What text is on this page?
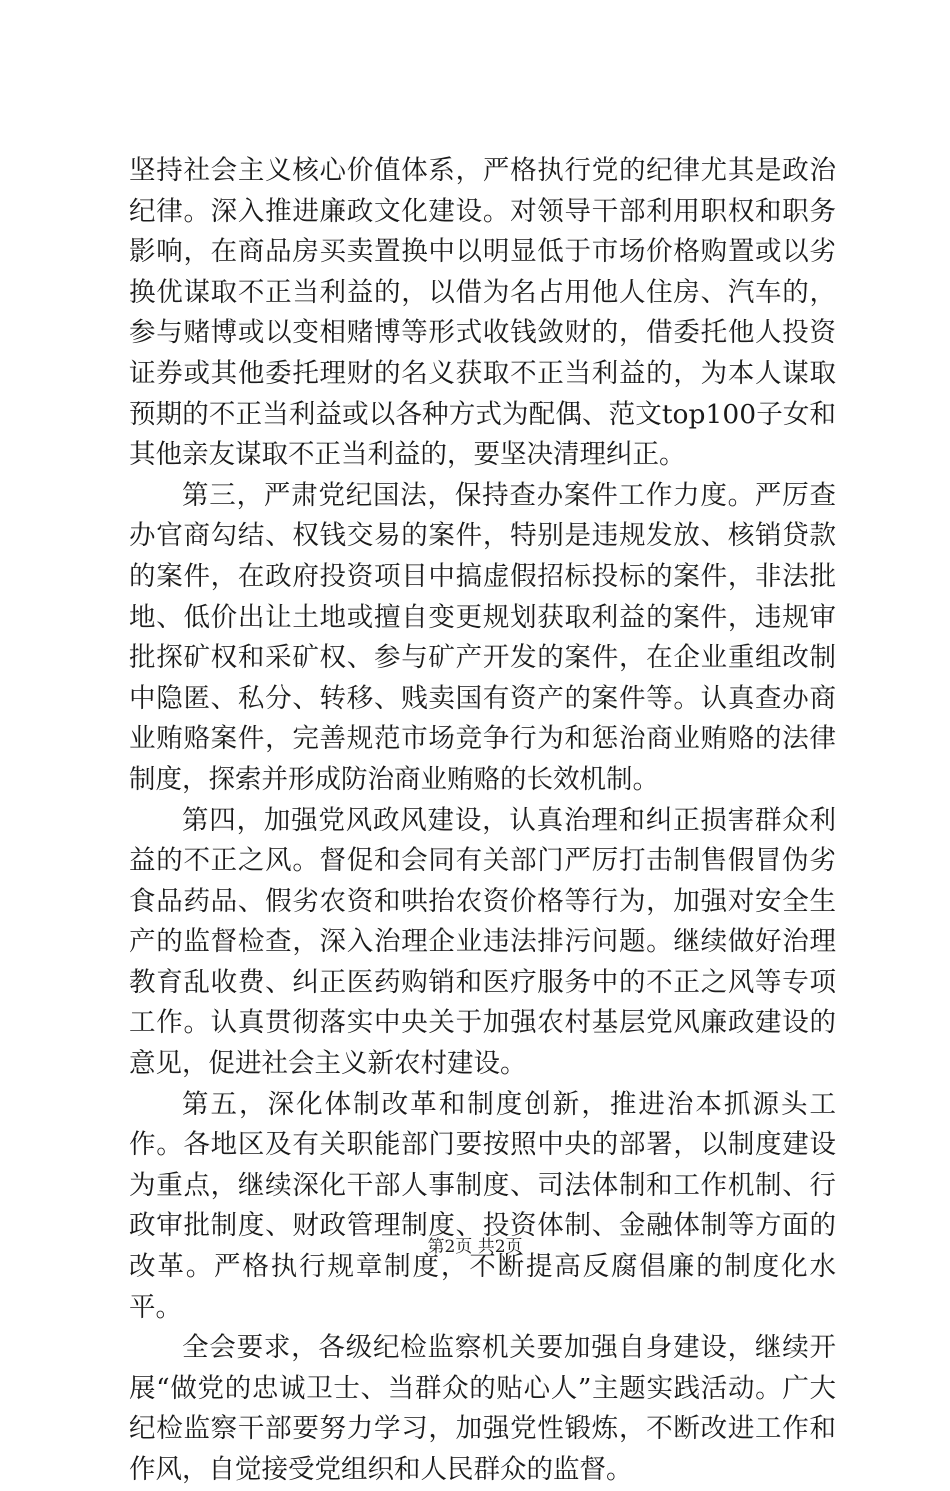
坚持社会主义核心价值体系，严格执行党的纪律尤其是政治纪律。深入推进廉政文化建设。对领导干部利用职权和职务影响，在商品房买卖置换中以明显低于市场价格购置或以劣换优谋取不正当利益的，以借为名占用他人住房、汽车的，参与赌博或以变相赌博等形式收钱敛财的，借委托他人投资证券或其他委托理财的名义获取不正当利益的，为本人谋取预期的不正当利益或以各种方式为配偶、范文top100子女和其他亲友谋取不正当利益的，要坚决清理纠正。

第三，严肃党纪国法，保持查办案件工作力度。严厉查办官商勾结、权钱交易的案件，特别是违规发放、核销贷款的案件，在政府投资项目中搞虚假招标投标的案件，非法批地、低价出让土地或擅自变更规划获取利益的案件，违规审批探矿权和采矿权、参与矿产开发的案件，在企业重组改制中隐匿、私分、转移、贱卖国有资产的案件等。认真查办商业贿赂案件，完善规范市场竞争行为和惩治商业贿赂的法律制度，探索并形成防治商业贿赂的长效机制。

第四，加强党风政风建设，认真治理和纠正损害群众利益的不正之风。督促和会同有关部门严厉打击制售假冒伪劣食品药品、假劣农资和哄抬农资价格等行为，加强对安全生产的监督检查，深入治理企业违法排污问题。继续做好治理教育乱收费、纠正医药购销和医疗服务中的不正之风等专项工作。认真贯彻落实中央关于加强农村基层党风廉政建设的意见，促进社会主义新农村建设。

第五，深化体制改革和制度创新，推进治本抓源头工作。各地区及有关职能部门要按照中央的部署，以制度建设为重点，继续深化干部人事制度、司法体制和工作机制、行政审批制度、财政管理制度、投资体制、金融体制等方面的改革。严格执行规章制度，不断提高反腐倡廉的制度化水平。

全会要求，各级纪检监察机关要加强自身建设，继续开展“做党的忠诚卫士、当群众的贴心人”主题实践活动。广大纪检监察干部要努力学习，加强党性锻炼，不断改进工作和作风，自觉接受党组织和人民群众的监督。

第2页 共2页
